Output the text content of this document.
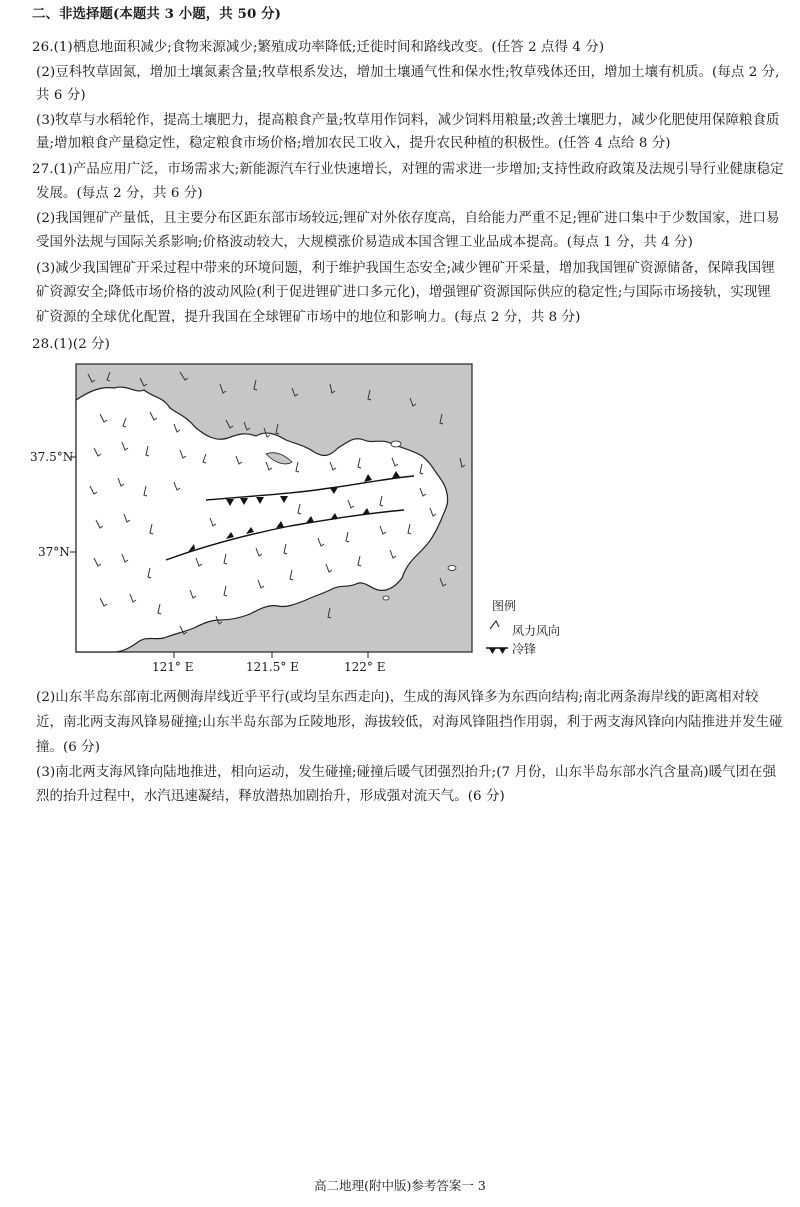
二、非选择题(本题共 3 小题，共 50 分)
26.(1)栖息地面积减少;食物来源减少;繁殖成功率降低;迁徙时间和路线改变。(任答 2 点得 4 分)
(2)豆科牧草固氮，增加土壤氮素含量;牧草根系发达，增加土壤通气性和保水性;牧草残体还田，增加土壤有机质。(每点 2 分,
共 6 分)
(3)牧草与水稻轮作，提高土壤肥力，提高粮食产量;牧草用作饲料，减少饲料用粮量;改善土壤肥力，减少化肥使用保障粮食质
量;增加粮食产量稳定性，稳定粮食市场价格;增加农民工收入，提升农民种植的积极性。(任答 4 点给 8 分)
27.(1)产品应用广泛，市场需求大;新能源汽车行业快速增长，对锂的需求进一步增加;支持性政府政策及法规引导行业健康稳定
发展。(每点 2 分，共 6 分)
(2)我国锂矿产量低，且主要分布区距东部市场较远;锂矿对外依存度高，自给能力严重不足;锂矿进口集中于少数国家，进口易
受国外法规与国际关系影响;价格波动较大，大规模涨价易造成本国含锂工业品成本提高。(每点 1 分，共 4 分)
(3)减少我国锂矿开采过程中带来的环境问题，利于维护我国生态安全;减少锂矿开采量，增加我国锂矿资源储备，保障我国锂
矿资源安全;降低市场价格的波动风险(利于促进锂矿进口多元化)，增强锂矿资源国际供应的稳定性;与国际市场接轨，实现锂
矿资源的全球优化配置，提升我国在全球锂矿市场中的地位和影响力。(每点 2 分，共 8 分)
28.(1)(2 分)
37.5°N
37°N
121° E	121.5° E	122° E
图例
风力风向
冷锋
(2)山东半岛东部南北两侧海岸线近乎平行(或均呈东西走向)，生成的海风锋多为东西向结构;南北两条海岸线的距离相对较
近，南北两支海风锋易碰撞;山东半岛东部为丘陵地形，海拔较低，对海风锋阻挡作用弱，利于两支海风锋向内陆推进并发生碰
撞。(6 分)
(3)南北两支海风锋向陆地推进，相向运动，发生碰撞;碰撞后暖气团强烈抬升;(7 月份，山东半岛东部水汽含量高)暖气团在强
烈的抬升过程中，水汽迅速凝结，释放潜热加剧抬升，形成强对流天气。(6 分)
高二地理(附中版)参考答案一 3
